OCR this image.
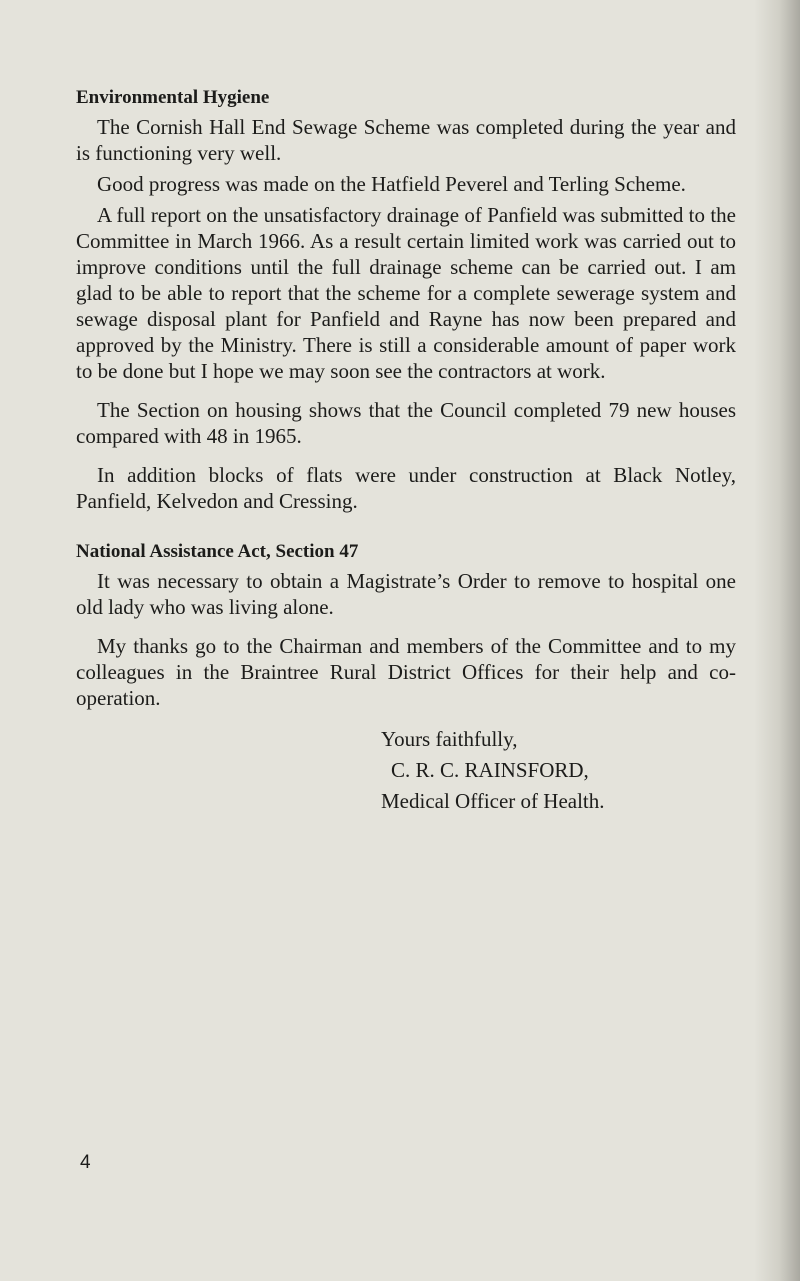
Environmental Hygiene

The Cornish Hall End Sewage Scheme was completed during the year and is functioning very well.

Good progress was made on the Hatfield Peverel and Terling Scheme.

A full report on the unsatisfactory drainage of Panfield was submitted to the Committee in March 1966. As a result certain limited work was carried out to improve conditions until the full drainage scheme can be carried out. I am glad to be able to report that the scheme for a complete sewerage system and sewage disposal plant for Panfield and Rayne has now been prepared and approved by the Ministry. There is still a considerable amount of paper work to be done but I hope we may soon see the contractors at work.

The Section on housing shows that the Council completed 79 new houses compared with 48 in 1965.

In addition blocks of flats were under construction at Black Notley, Panfield, Kelvedon and Cressing.

National Assistance Act, Section 47

It was necessary to obtain a Magistrate’s Order to remove to hospital one old lady who was living alone.

My thanks go to the Chairman and members of the Committee and to my colleagues in the Braintree Rural District Offices for their help and co-operation.

Yours faithfully,
C. R. C. RAINSFORD,
Medical Officer of Health.
4
